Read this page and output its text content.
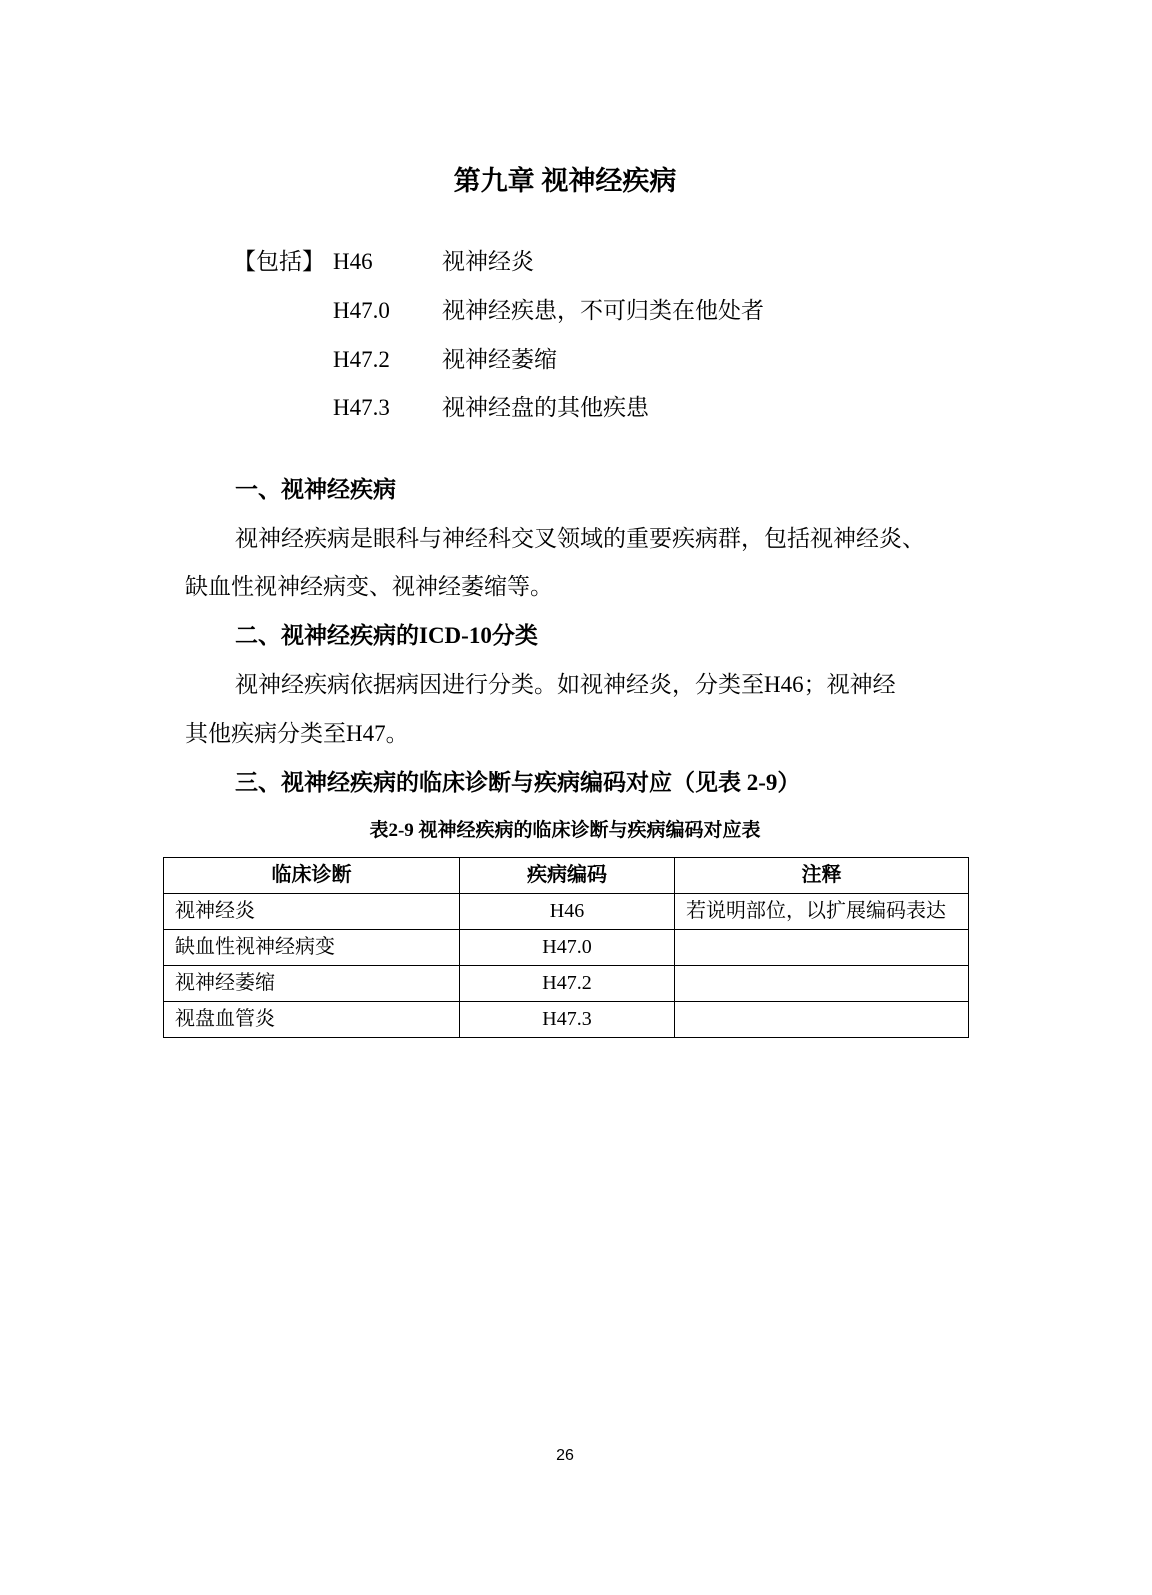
第九章 视神经疾病
【包括】 H46	视神经炎
H47.0 视神经疾患，不可归类在他处者
H47.2 视神经萎缩
H47.3 视神经盘的其他疾患
一、视神经疾病
视神经疾病是眼科与神经科交叉领域的重要疾病群，包括视神经炎、
缺血性视神经病变、视神经萎缩等。
二、视神经疾病的ICD-10分类
视神经疾病依据病因进行分类。如视神经炎，分类至H46；视神经
其他疾病分类至H47。
三、视神经疾病的临床诊断与疾病编码对应（见表 2-9）
表2-9 视神经疾病的临床诊断与疾病编码对应表
临床诊断	疾病编码	注释
视神经炎	H46	若说明部位，以扩展编码表达
缺血性视神经病变	H47.0	
视神经萎缩	H47.2	
视盘血管炎	H47.3	
26
